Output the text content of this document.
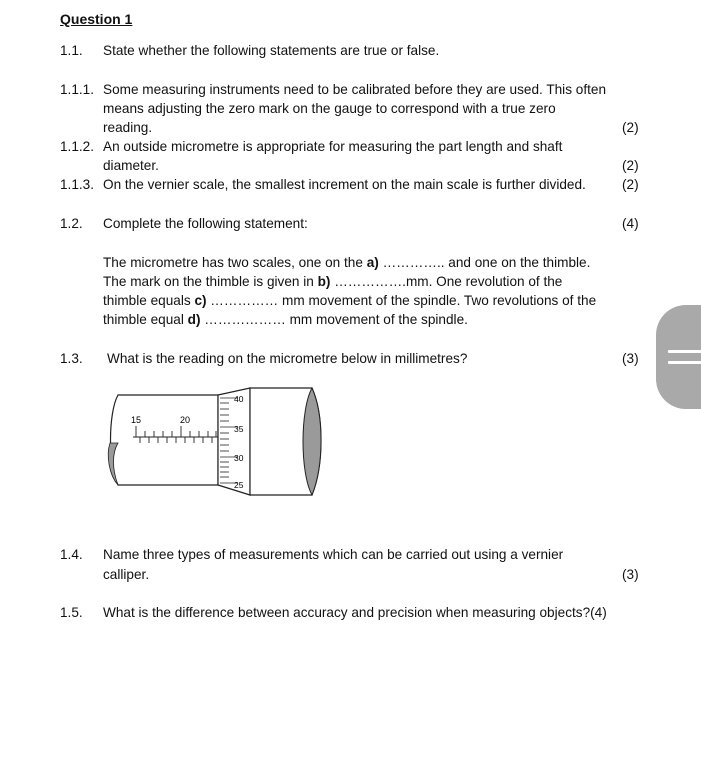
Question 1
1.1. State whether the following statements are true or false.
1.1.1. Some measuring instruments need to be calibrated before they are used. This often
means adjusting the zero mark on the gauge to correspond with a true zero
reading.	(2)
1.1.2. An outside micrometre is appropriate for measuring the part length and shaft
diameter.	(2)
1.1.3. On the vernier scale, the smallest increment on the main scale is further divided.	(2)
1.2. Complete the following statement:	(4)
The micrometre has two scales, one on the a) ………….. and one on the thimble.
The mark on the thimble is given in b) …………….mm. One revolution of the
thimble equals c) …………… mm movement of the spindle. Two revolutions of the
thimble equal d) ……………… mm movement of the spindle.
1.3. What is the reading on the micrometre below in millimetres?	(3)
15	20
40
35
30
25
1.4. Name three types of measurements which can be carried out using a vernier
calliper.	(3)
1.5. What is the difference between accuracy and precision when measuring objects?(4)
